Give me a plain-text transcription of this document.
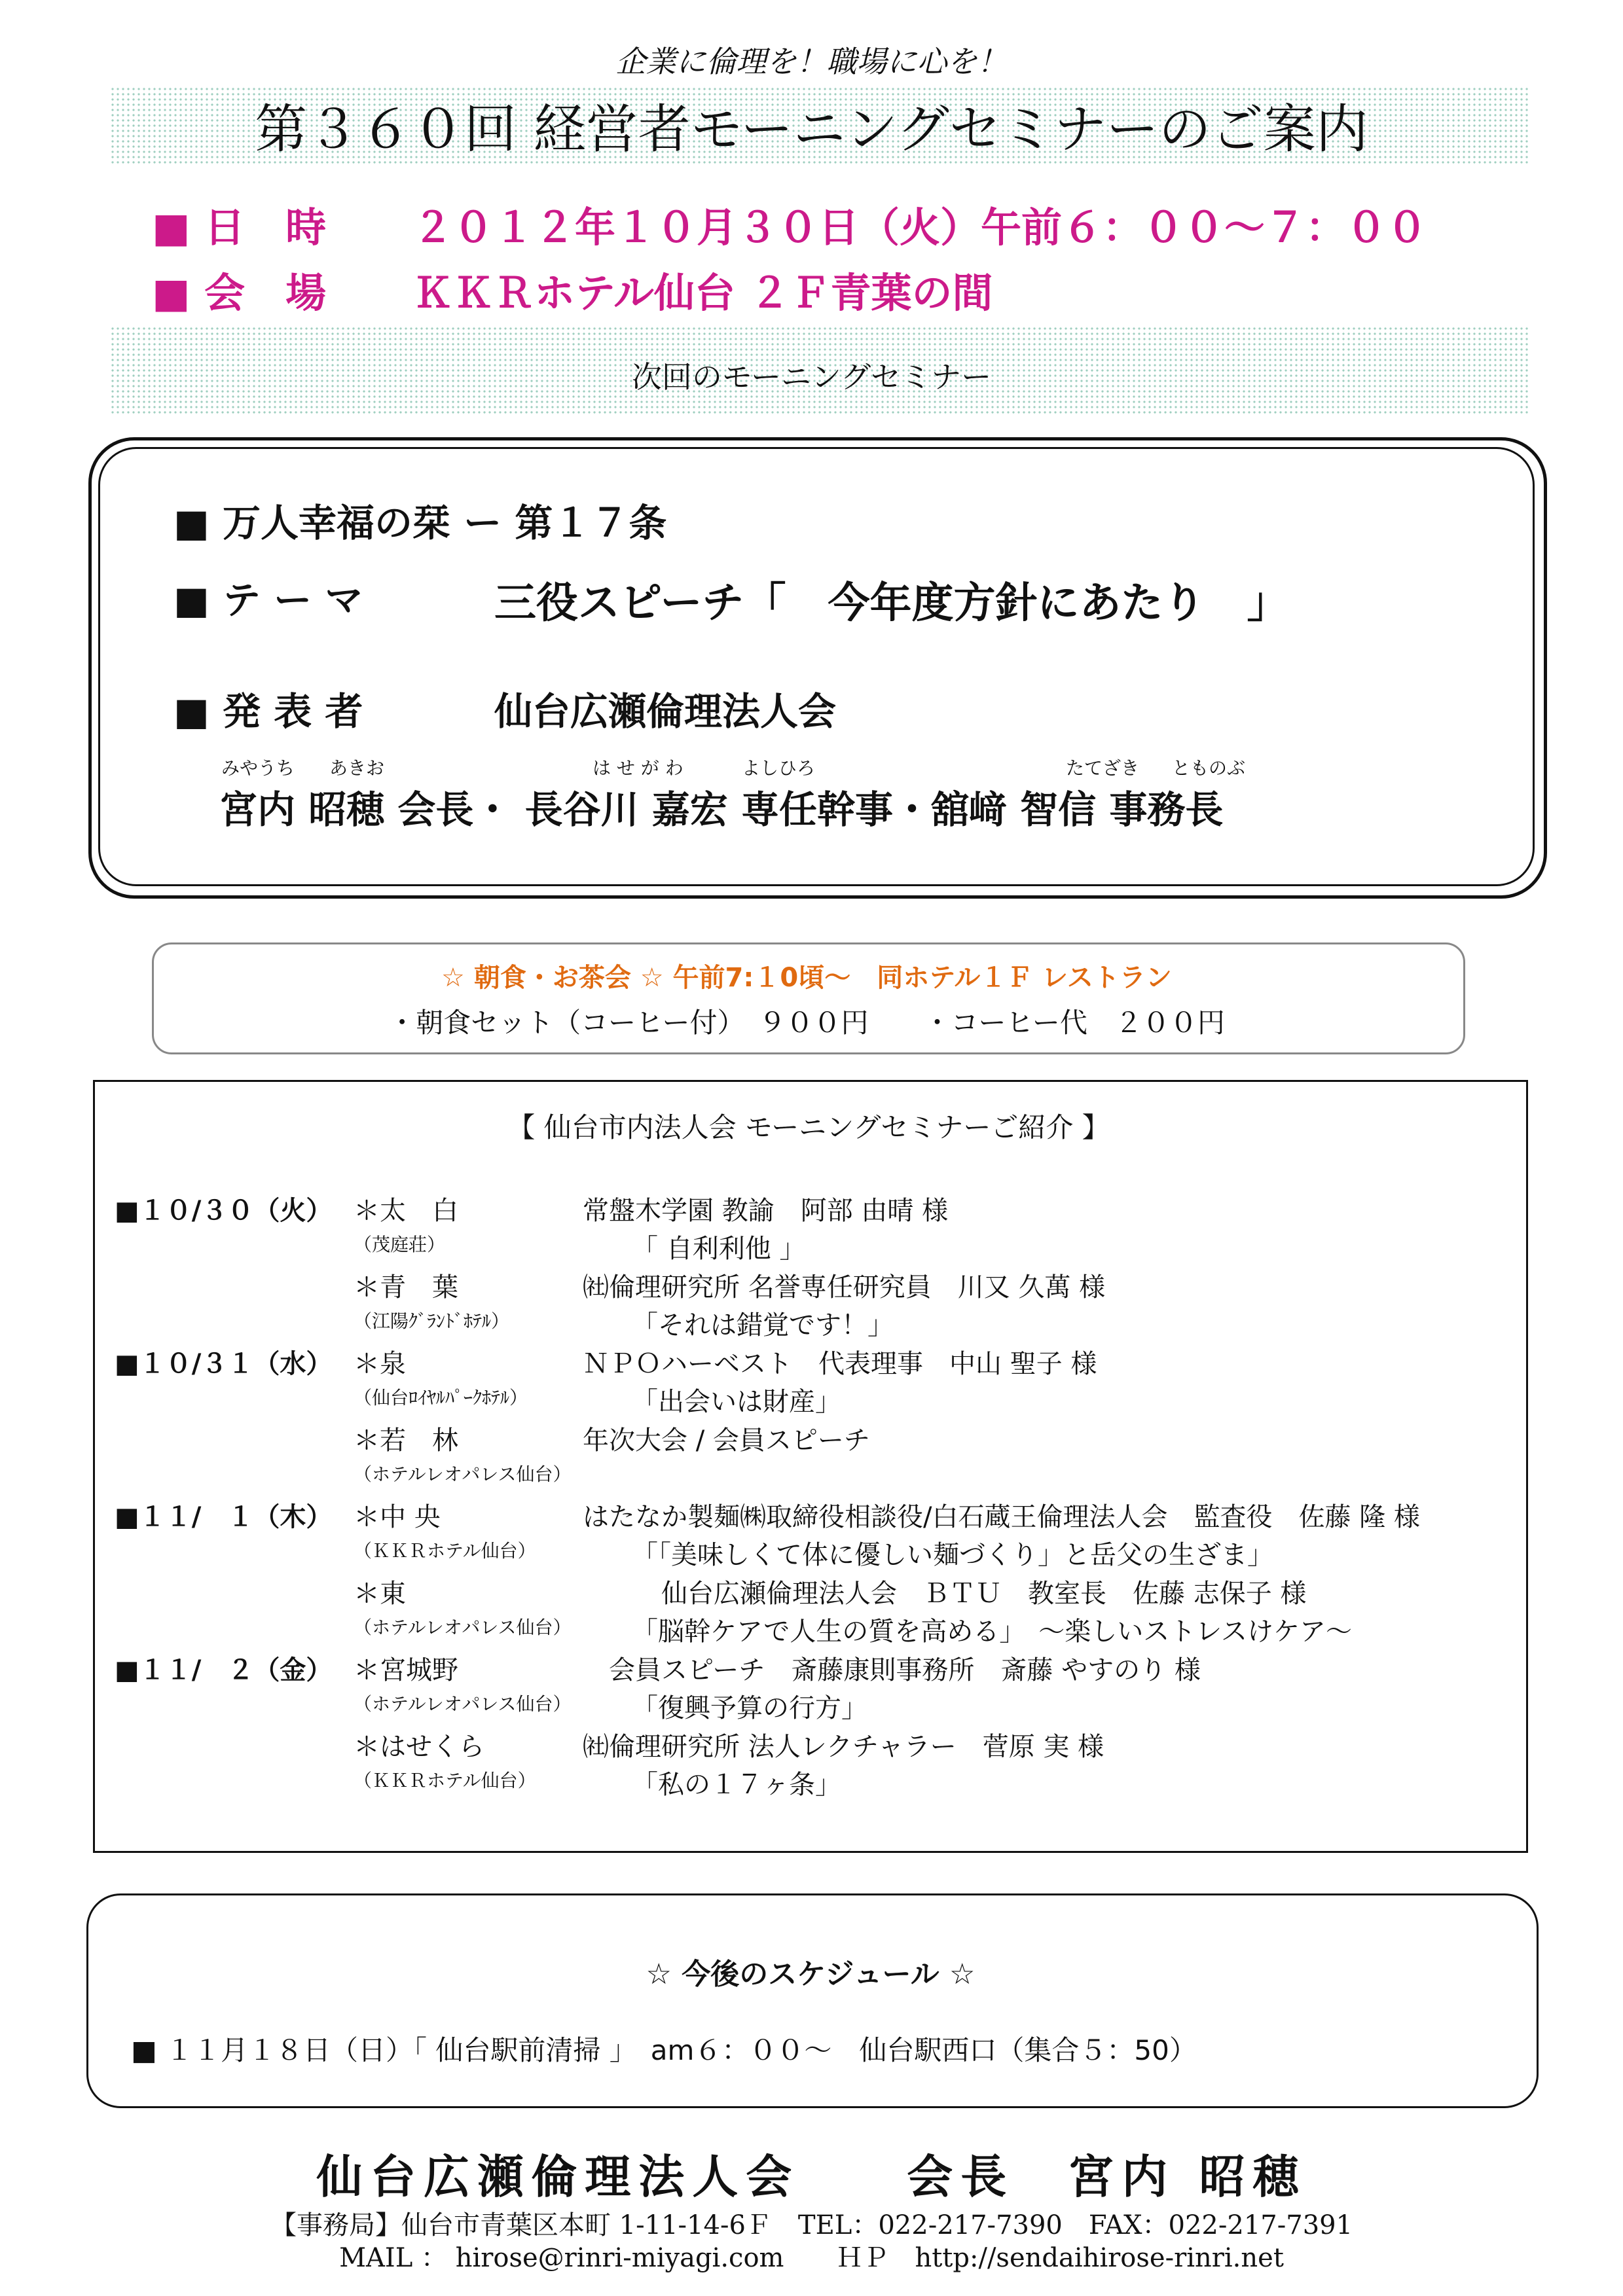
企業に倫理を！職場に心を！
第３６０回 経営者モーニングセミナーのご案内
■ 日　時 ２０１２年１０月３０日（火）午前６：００～７：００
■ 会　場 ＫＫＲホテル仙台 ２Ｆ青葉の間
次回のモーニングセミナー
■ 万人幸福の栞 ー 第１７条
■ テ ー マ	三役スピーチ「　今年度方針にあたり　」
■ 発 表 者	仙台広瀬倫理法人会
みやうち あきお	は せ が わ	よしひろ	たてざき とものぶ
宮内 昭穂 会長・ 長谷川 嘉宏 専任幹事・舘﨑 智信 事務長
☆ 朝食・お茶会 ☆ 午前7:１0頃～　同ホテル１Ｆ レストラン
・朝食セット（コーヒー付）　９００円　　・コーヒー代　２００円
【 仙台市内法人会 モーニングセミナーご紹介 】
■１０/３０（火） ＊太　白	常盤木学園 教諭　阿部 由晴 様
（茂庭荘）	「 自利利他 」
＊青　葉	㈳倫理研究所 名誉専任研究員　川又 久萬 様
（江陽ｸﾞﾗﾝﾄﾞﾎﾃﾙ）	「それは錯覚です！」
■１０/３１（水） ＊泉	ＮＰＯハーベスト　代表理事　中山 聖子 様
（仙台ﾛｲﾔﾙﾊﾟｰｸﾎﾃﾙ）	「出会いは財産」
＊若　林	年次大会 / 会員スピーチ
（ホテルレオパレス仙台）
■１１/　１（木） ＊中 央	はたなか製麺㈱取締役相談役/白石蔵王倫理法人会　監査役　佐藤 隆 様
（ＫＫＲホテル仙台）	「「美味しくて体に優しい麺づくり」と岳父の生ざま」
＊東	仙台広瀬倫理法人会　ＢＴＵ　教室長　佐藤 志保子 様
（ホテルレオパレス仙台） 「脳幹ケアで人生の質を高める」　～楽しいストレスけケア～
■１１/　２（金） ＊宮城野	会員スピーチ　斎藤康則事務所　斎藤 やすのり 様
（ホテルレオパレス仙台） 「復興予算の行方」
＊はせくら	㈳倫理研究所 法人レクチャラー　菅原 実 様
（ＫＫＲホテル仙台）	「私の１７ヶ条」
☆ 今後のスケジュール ☆
■ １１月１８日（日）「 仙台駅前清掃 」　am６：００～　仙台駅西口（集合５：50）
仙台広瀬倫理法人会　　会長　宮内 昭穂
【事務局】仙台市青葉区本町 1-11-14-6Ｆ　TEL：022-217-7390　FAX：022-217-7391
MAIL ： hirose@rinri-miyagi.com　　ＨＰ　http://sendaihirose-rinri.net
